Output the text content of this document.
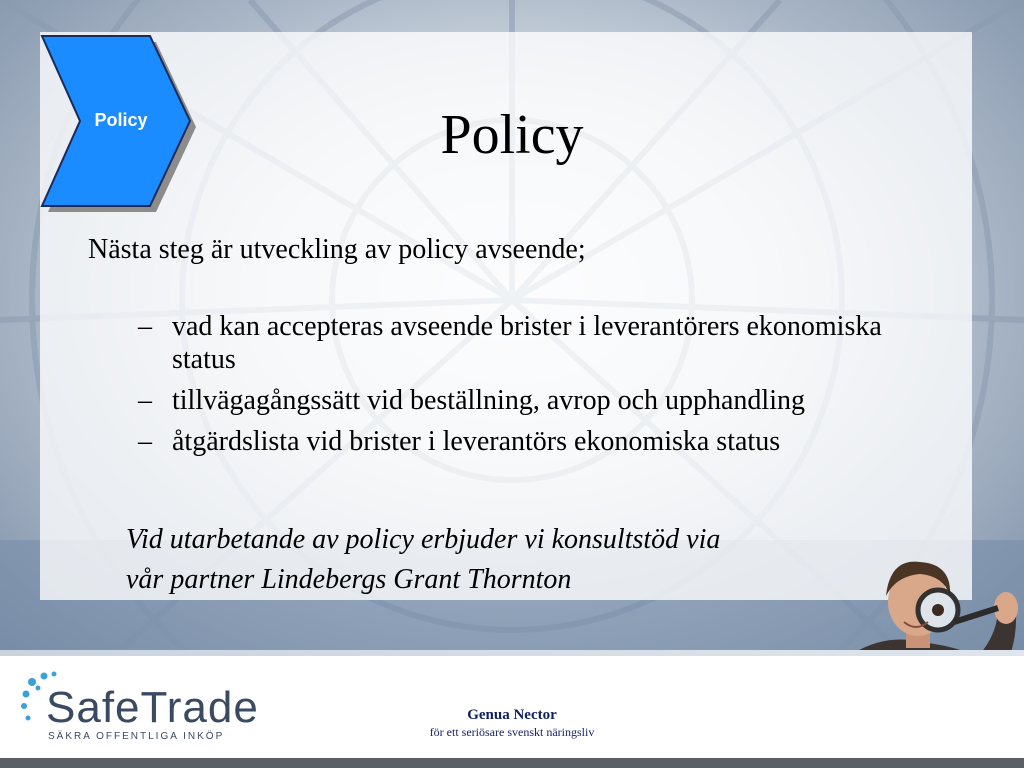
Policy	Policy
Nästa steg är utveckling av policy avseende;
– vad kan accepteras avseende brister i leverantörers ekonomiska status
– tillvägagångssätt vid beställning, avrop och upphandling
– åtgärdslista vid brister i leverantörs ekonomiska status
Vid utarbetande av policy erbjuder vi konsultstöd via
vår partner Lindebergs Grant Thornton
SafeTrade
SÄKRA OFFENTLIGA INKÖP
Genua Nector
för ett seriösare svenskt näringsliv
